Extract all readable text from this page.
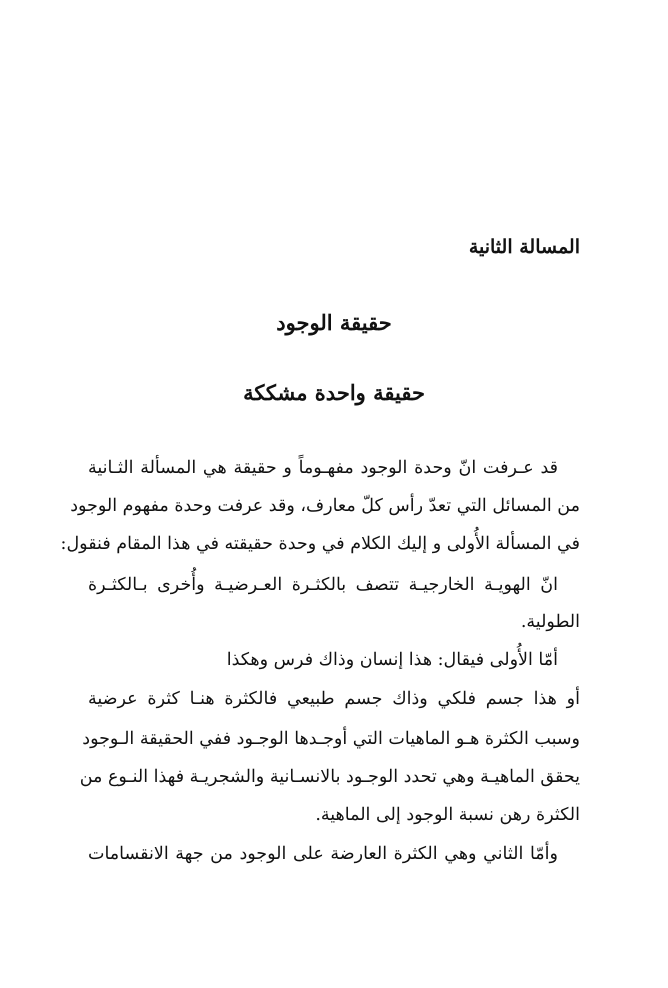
المسالة الثانية
حقيقة الوجود
حقيقة واحدة مشككة
قد عـرفت انّ وحدة الوجود مفهـوماً و حقيقة هي المسألة الثـانية
من المسائل التي تعدّ رأس كلّ معارف، وقد عرفت وحدة مفهوم الوجود
في المسألة الأُولى و إليك الكلام في وحدة حقيقته في هذا المقام فنقول:
انّ الهويـة الخارجيـة تتصف بالكثـرة العـرضيـة وأُخرى بـالكثـرة
الطولية.
أمّا الأُولى فيقال: هذا إنسان وذاك فرس وهكذا
أو هذا جسم فلكي وذاك جسم طبيعي فالكثرة هنـا كثرة عرضية
وسبب الكثرة هـو الماهيات التي أوجـدها الوجـود ففي الحقيقة الـوجود
يحقق الماهيـة وهي تحدد الوجـود بالانسـانية والشجريـة فهذا النـوع من
الكثرة رهن نسبة الوجود إلى الماهية.
وأمّا الثاني وهي الكثرة العارضة على الوجود من جهة الانقسامات
